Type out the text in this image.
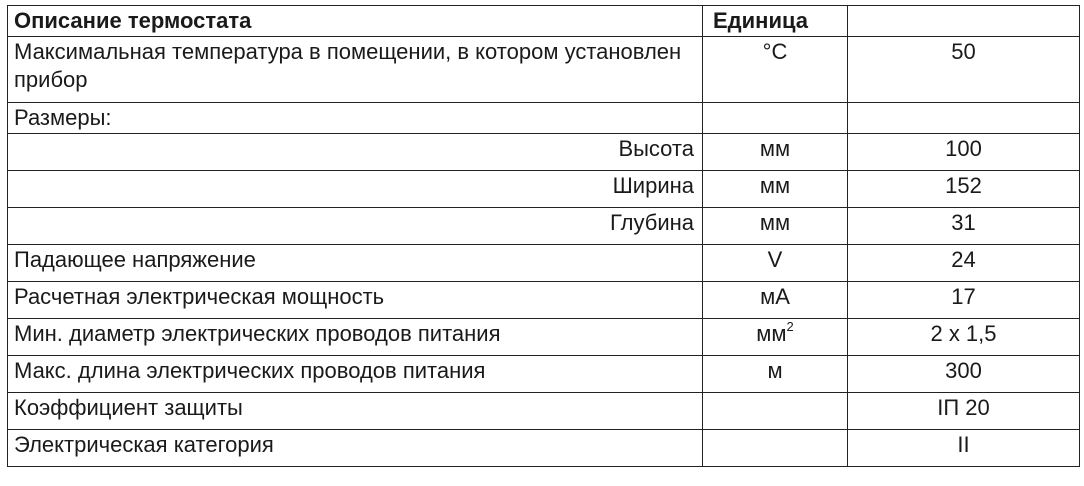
Описание термостата	Единица	
Максимальная температура в помещении, в котором установлен прибор	°C	50
Размеры:		
Высота	мм	100
Ширина	мм	152
Глубина	мм	31
Падающее напряжение	V	24
Расчетная электрическая мощность	мА	17
Мин. диаметр электрических проводов питания	$мм^2$	2 x 1,5
Макс. длина электрических проводов питания	м	300
Коэффициент защиты		IП 20
Электрическая категория		II
